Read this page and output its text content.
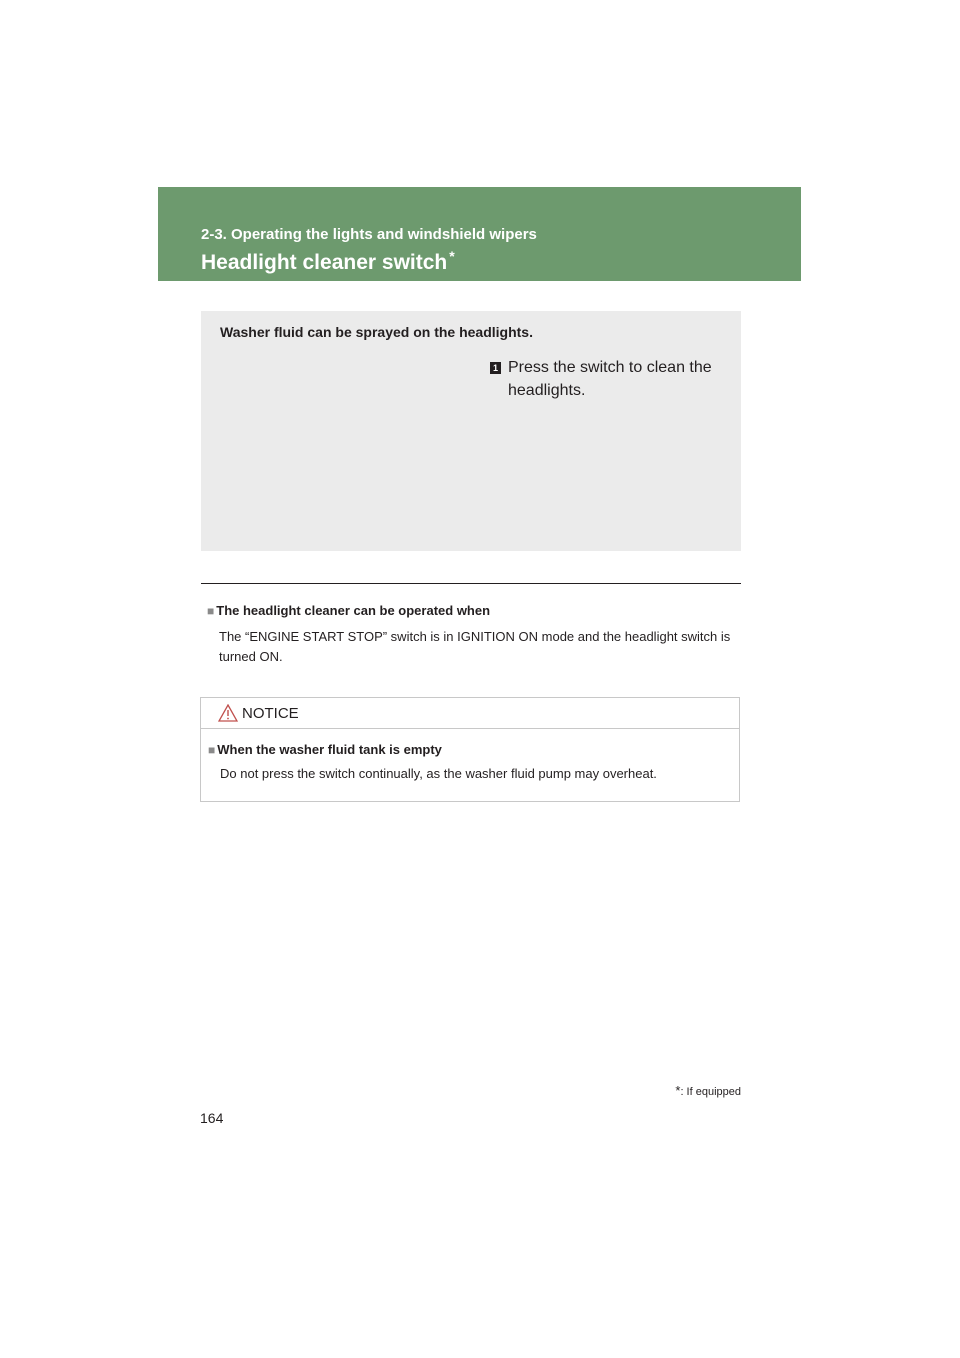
2-3. Operating the lights and windshield wipers
Headlight cleaner switch *
Washer fluid can be sprayed on the headlights.
1 Press the switch to clean the headlights.
■ The headlight cleaner can be operated when
The “ENGINE START STOP” switch is in IGNITION ON mode and the headlight switch is turned ON.
NOTICE
■ When the washer fluid tank is empty
Do not press the switch continually, as the washer fluid pump may overheat.
*: If equipped
164
